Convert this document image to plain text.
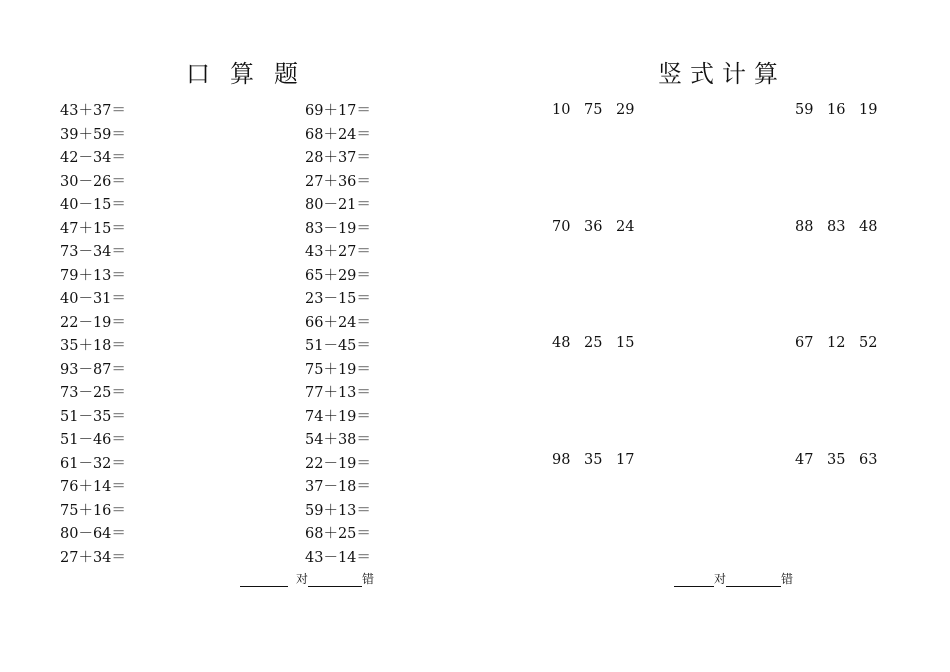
口 算 题	竖 式 计 算
43＋37＝
39＋59＝
42－34＝
30－26＝
40－15＝
47＋15＝
73－34＝
79＋13＝
40－31＝
22－19＝
35＋18＝
93－87＝
73－25＝
51－35＝
51－46＝
61－32＝
76＋14＝
75＋16＝
80－64＝
27＋34＝
69＋17＝
68＋24＝
28＋37＝
27＋36＝
80－21＝
83－19＝
43＋27＝
65＋29＝
23－15＝
66＋24＝
51－45＝
75＋19＝
77＋13＝
74＋19＝
54＋38＝
22－19＝
37－18＝
59＋13＝
68＋25＝
43－14＝
10 75 29
70 36 24
48 25 15
98 35 17
59 16 19
88 83 48
67 12 52
47 35 63
对	错	对	错
